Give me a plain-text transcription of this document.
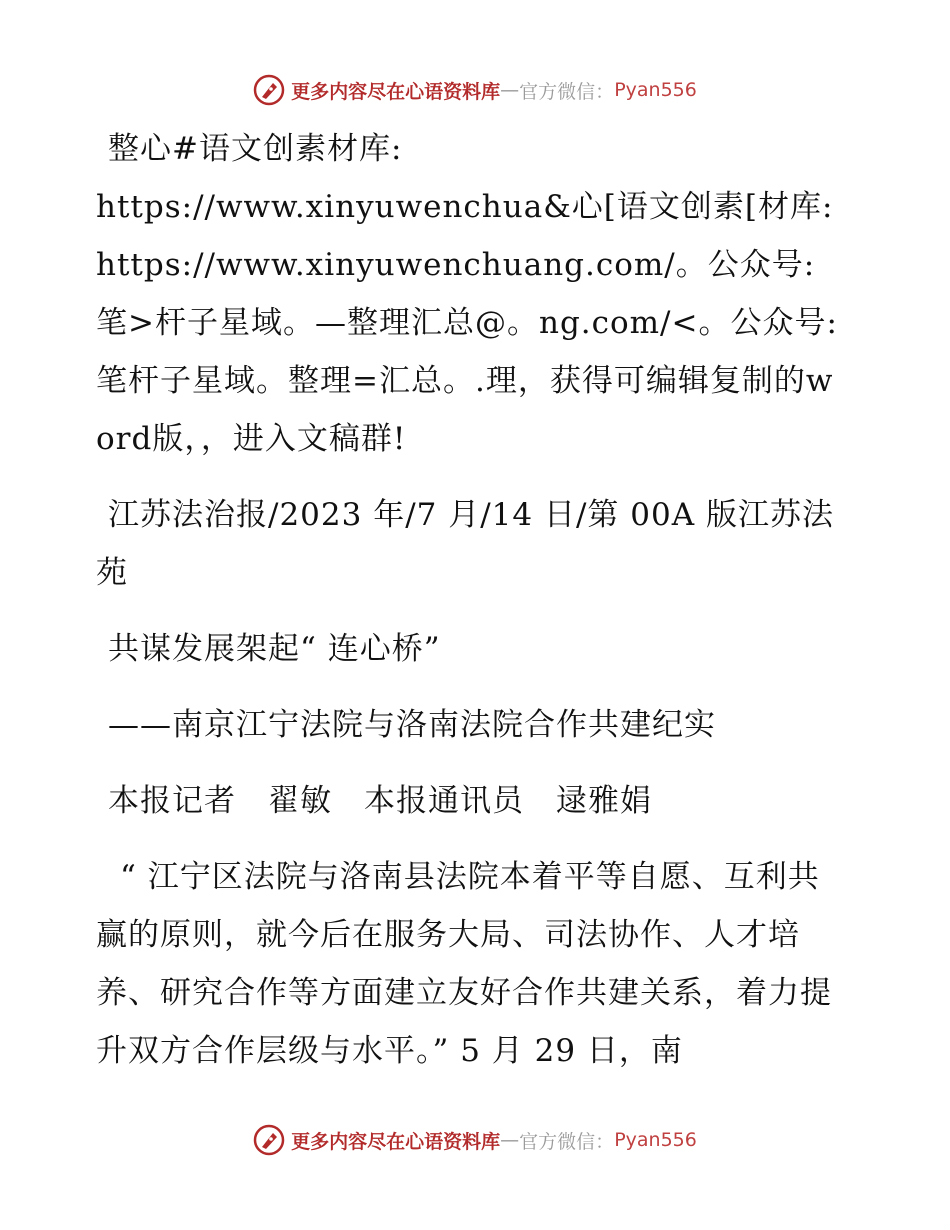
更多内容尽在心语资料库 — 官方微信： Pyan556

整心#语文创素材库: https://www.xinyuwenchua&心[语文创素[材库: https://www.xinyuwenchuang.com/。公众号: 笔>杆子星域。—整理汇总@。ng.com/<。公众号: 笔杆子星域。整理=汇总。.理，获得可编辑复制的w ord版，，进入文稿群!

江苏法治报/2023 年/7 月/14 日/第 00A 版江苏法苑

共谋发展架起“ 连心桥”

——南京江宁法院与洛南法院合作共建纪实

本报记者　翟敏　本报通讯员　逯雅娟

“ 江宁区法院与洛南县法院本着平等自愿、互利共赢的原则，就今后在服务大局、司法协作、人才培养、研究合作等方面建立友好合作共建关系，着力提升双方合作层级与水平。” 5 月 29 日，南

更多内容尽在心语资料库 — 官方微信： Pyan556
